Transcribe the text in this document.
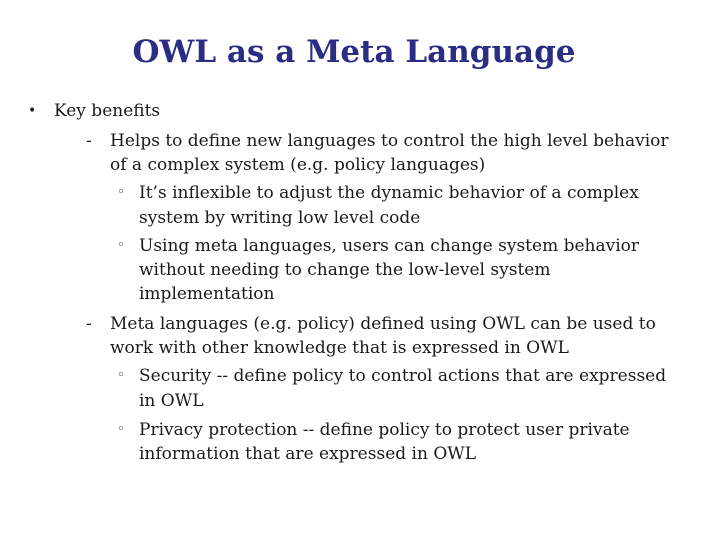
OWL as a Meta Language
• Key benefits
- Helps to define new languages to control the high level behavior
of a complex system (e.g. policy languages)
◦ It’s inflexible to adjust the dynamic behavior of a complex
system by writing low level code
◦ Using meta languages, users can change system behavior
without needing to change the low-level system
implementation
- Meta languages (e.g. policy) defined using OWL can be used to
work with other knowledge that is expressed in OWL
◦ Security -- define policy to control actions that are expressed
in OWL
◦ Privacy protection -- define policy to protect user private
information that are expressed in OWL
